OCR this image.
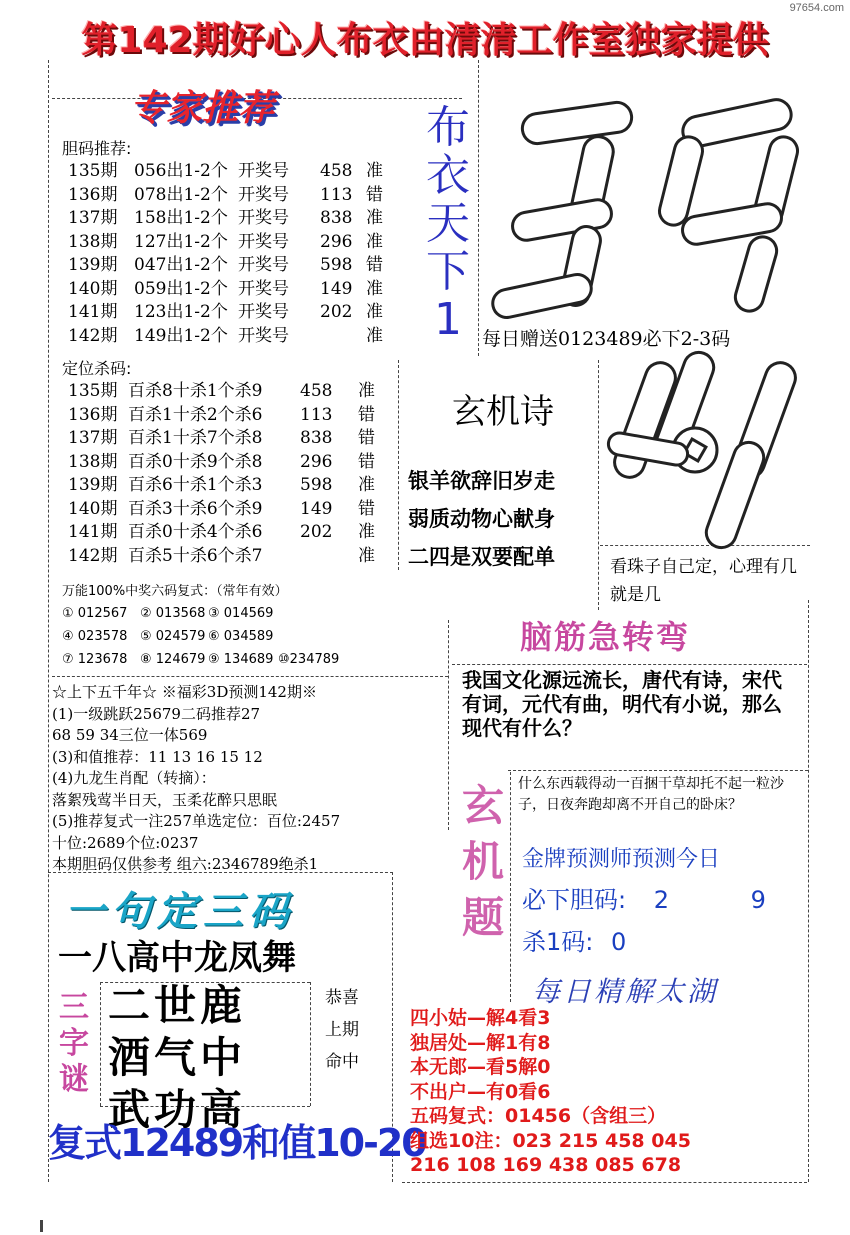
97654.com
第142期好心人布衣由清清工作室独家提供
专家推荐
胆码推荐:
135期 056出1-2个 开奖号 458 准
136期 078出1-2个 开奖号 113 错
137期 158出1-2个 开奖号 838 准
138期 127出1-2个 开奖号 296 准
139期 047出1-2个 开奖号 598 错
140期 059出1-2个 开奖号 149 准
141期 123出1-2个 开奖号 202 准
142期 149出1-2个 开奖号	准
定位杀码:
135期 百杀8十杀1个杀9 458 准
136期 百杀1十杀2个杀6 113 错
137期 百杀1十杀7个杀8 838 错
138期 百杀0十杀9个杀8 296 错
139期 百杀6十杀1个杀3 598 准
140期 百杀3十杀6个杀9 149 错
141期 百杀0十杀4个杀6 202 准
142期 百杀5十杀6个杀7	准
万能100%中奖六码复式：（常年有效）
① 012567 ② 013568 ③ 014569
④ 023578 ⑤ 024579 ⑥ 034589
⑦ 123678 ⑧ 124679 ⑨ 134689 ⑩234789
☆上下五千年☆ ※福彩3D预测142期※
(1)一级跳跃25679二码推荐27
68 59 34三位一体569
(3)和值推荐：11 13 16 15 12
(4)九龙生肖配（转摘）：
落絮残莺半日天，玉柔花醉只思眠
(5)推荐复式一注257单选定位：百位:2457
十位:2689个位:0237
本期胆码仅供参考 组六:2346789绝杀1
一句定三码
一八高中龙凤舞
三
字
谜
二世鹿
酒气中
武功高
恭喜
上期
命中
复式12489和值10-20
布
衣
天
下
1	每日赠送0123489必下2-3码
玄机诗
银羊欲辞旧岁走
弱质动物心献身
二四是双要配单	看珠子自己定，心理有几就是几
脑筋急转弯
我国文化源远流长，唐代有诗，宋代有词，元代有曲，明代有小说，那么现代有什么？
玄
机
题
什么东西载得动一百捆干草却托不起一粒沙子，日夜奔跑却离不开自己的卧床？
金牌预测师预测今日
必下胆码: 2	9
杀1码: 0
每日精解太湖
四小姑—解4看3
独居处—解1有8
本无郎—看5解0
不出户—有0看6
五码复式：01456（含组三）
组选10注：023 215 458 045
216 108 169 438 085 678
